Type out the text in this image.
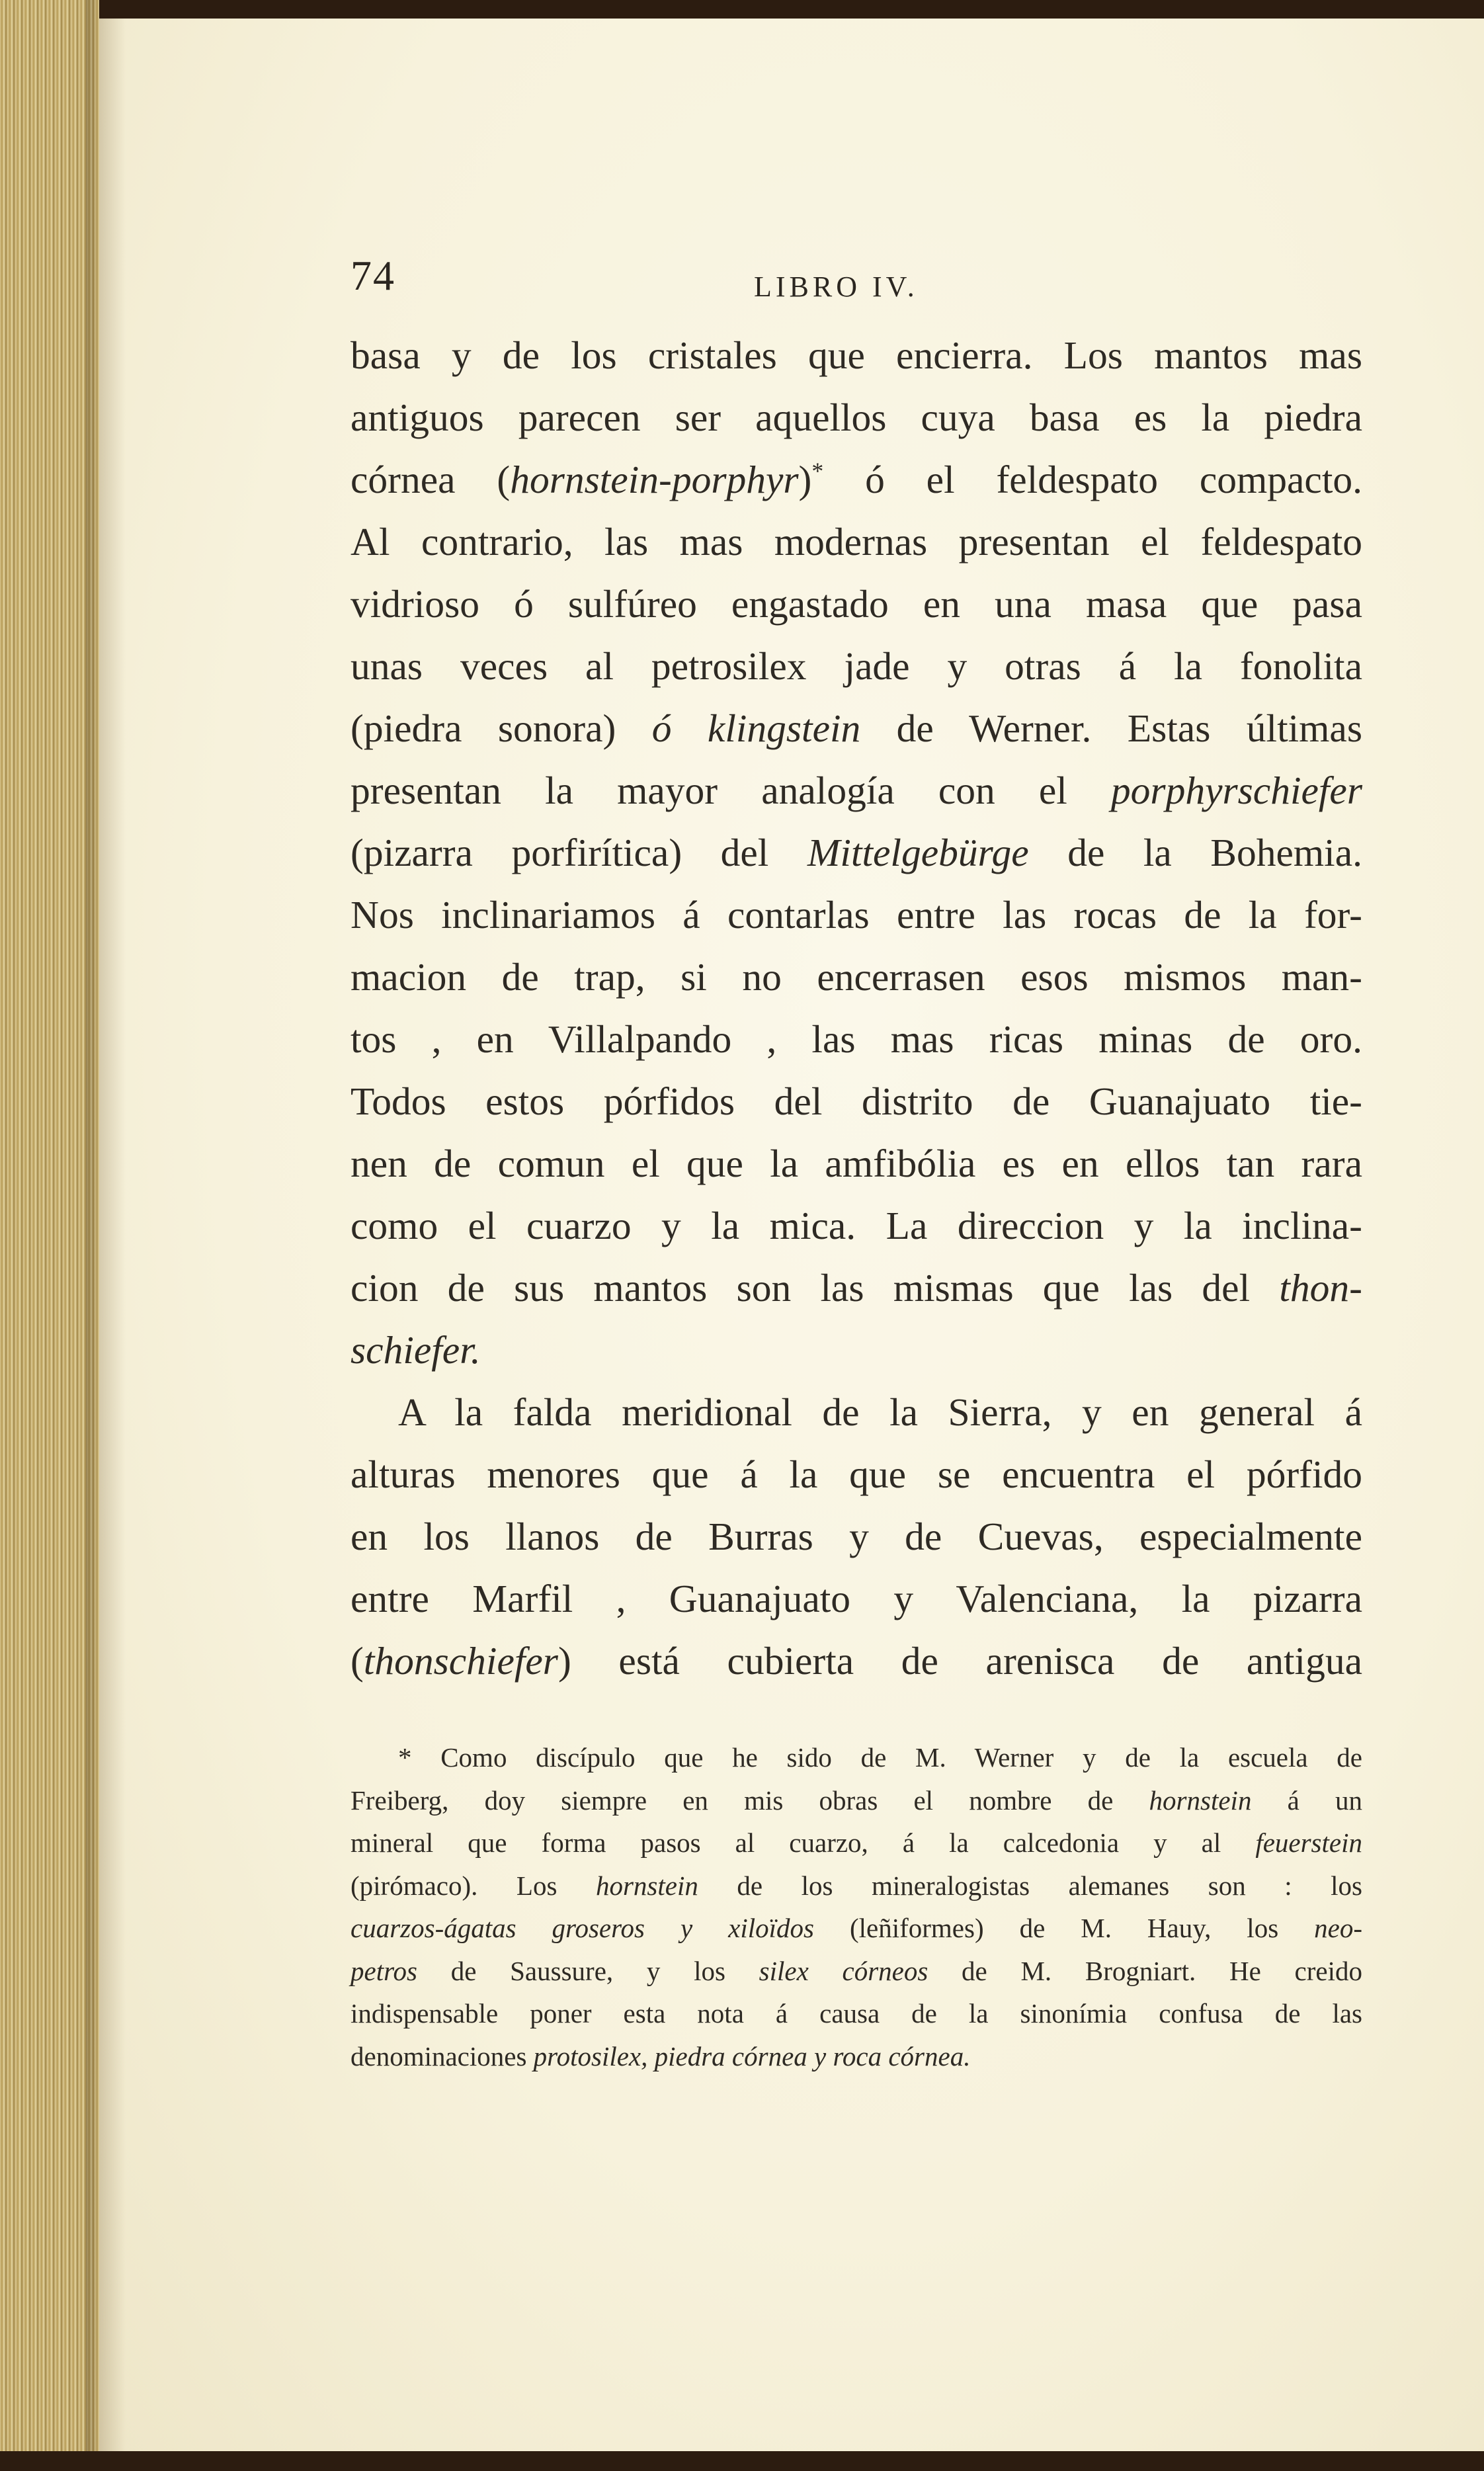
74	LIBRO IV.
basa y de los cristales que encierra. Los mantos mas
antiguos parecen ser aquellos cuya basa es la piedra
córnea (hornstein-porphyr)* ó el feldespato compacto.
Al contrario, las mas modernas presentan el feldespato
vidrioso ó sulfúreo engastado en una masa que pasa
unas veces al petrosilex jade y otras á la fonolita
(piedra sonora) ó klingstein de Werner. Estas últimas
presentan la mayor analogía con el porphyrschiefer
(pizarra porfirítica) del Mittelgebürge de la Bohemia.
Nos inclinariamos á contarlas entre las rocas de la for-
macion de trap, si no encerrasen esos mismos man-
tos , en Villalpando , las mas ricas minas de oro.
Todos estos pórfidos del distrito de Guanajuato tie-
nen de comun el que la amfibólia es en ellos tan rara
como el cuarzo y la mica. La direccion y la inclina-
cion de sus mantos son las mismas que las del thon-
schiefer.
A la falda meridional de la Sierra, y en general á
alturas menores que á la que se encuentra el pórfido
en los llanos de Burras y de Cuevas, especialmente
entre Marfil , Guanajuato y Valenciana, la pizarra
(thonschiefer) está cubierta de arenisca de antigua
* Como discípulo que he sido de M. Werner y de la escuela de
Freiberg, doy siempre en mis obras el nombre de hornstein á un
mineral que forma pasos al cuarzo, á la calcedonia y al feuerstein
(pirómaco). Los hornstein de los mineralogistas alemanes son : los
cuarzos-ágatas groseros y xiloïdos (leñiformes) de M. Hauy, los neo-
petros de Saussure, y los silex córneos de M. Brogniart. He creido
indispensable poner esta nota á causa de la sinonímia confusa de las
denominaciones protosilex, piedra córnea y roca córnea.
